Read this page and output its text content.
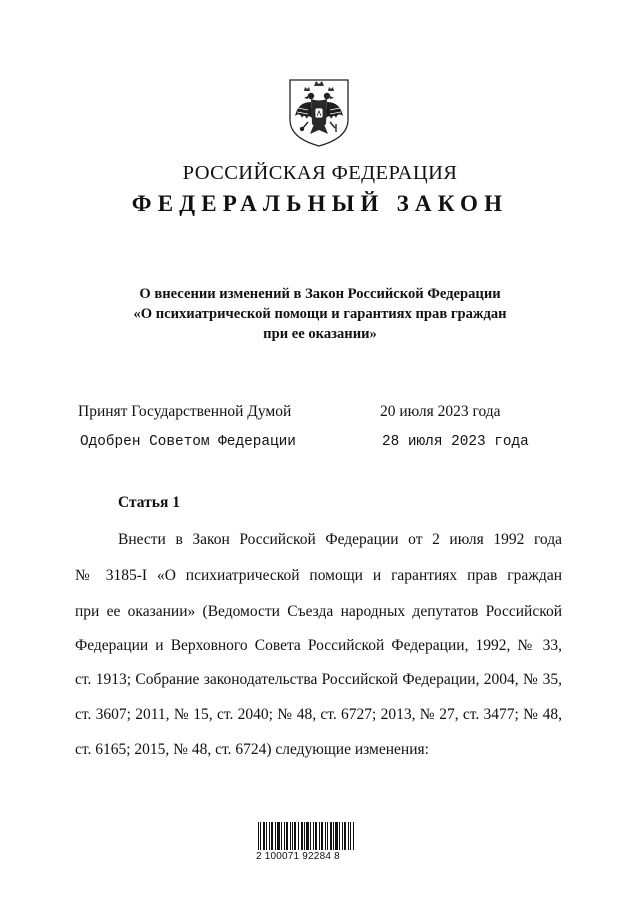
РОССИЙСКАЯ ФЕДЕРАЦИЯ
ФЕДЕРАЛЬНЫЙ ЗАКОН
О внесении изменений в Закон Российской Федерации
«О психиатрической помощи и гарантиях прав граждан
при ее оказании»
Принят Государственной Думой	20 июля 2023 года
Одобрен Советом Федерации	28 июля 2023 года
Статья 1
Внести в Закон Российской Федерации от 2 июля 1992 года
№ 3185-I «О психиатрической помощи и гарантиях прав граждан
при ее оказании» (Ведомости Съезда народных депутатов Российской
Федерации и Верховного Совета Российской Федерации, 1992, № 33,
ст. 1913; Собрание законодательства Российской Федерации, 2004, № 35,
ст. 3607; 2011, № 15, ст. 2040; № 48, ст. 6727; 2013, № 27, ст. 3477; № 48,
ст. 6165; 2015, № 48, ст. 6724) следующие изменения:
2 100071 92284 8
